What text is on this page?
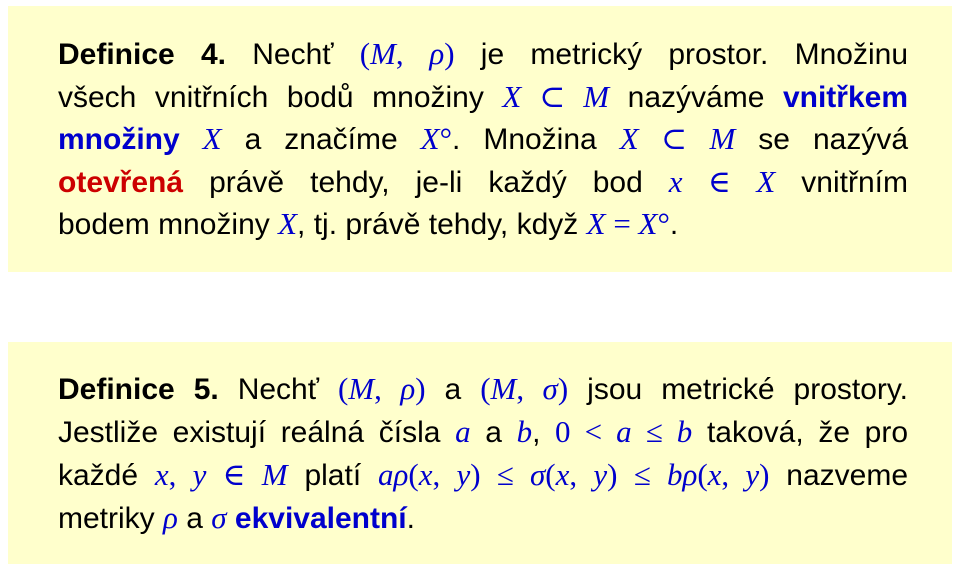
Definice 4. Nechť (M, ρ) je metrický prostor. Množinu
všech vnitřních bodů množiny X ⊂ M nazýváme vnitřkem
množiny X a značíme X°. Množina X ⊂ M se nazývá
otevřená právě tehdy, je-li každý bod x ∈ X vnitřním
bodem množiny X, tj. právě tehdy, když X = X°.
Definice 5. Nechť (M, ρ) a (M, σ) jsou metrické prostory.
Jestliže existují reálná čísla a a b, 0 < a ≤ b taková, že pro
každé x, y ∈ M platí aρ(x, y) ≤ σ(x, y) ≤ bρ(x, y) nazveme
metriky ρ a σ ekvivalentní.
